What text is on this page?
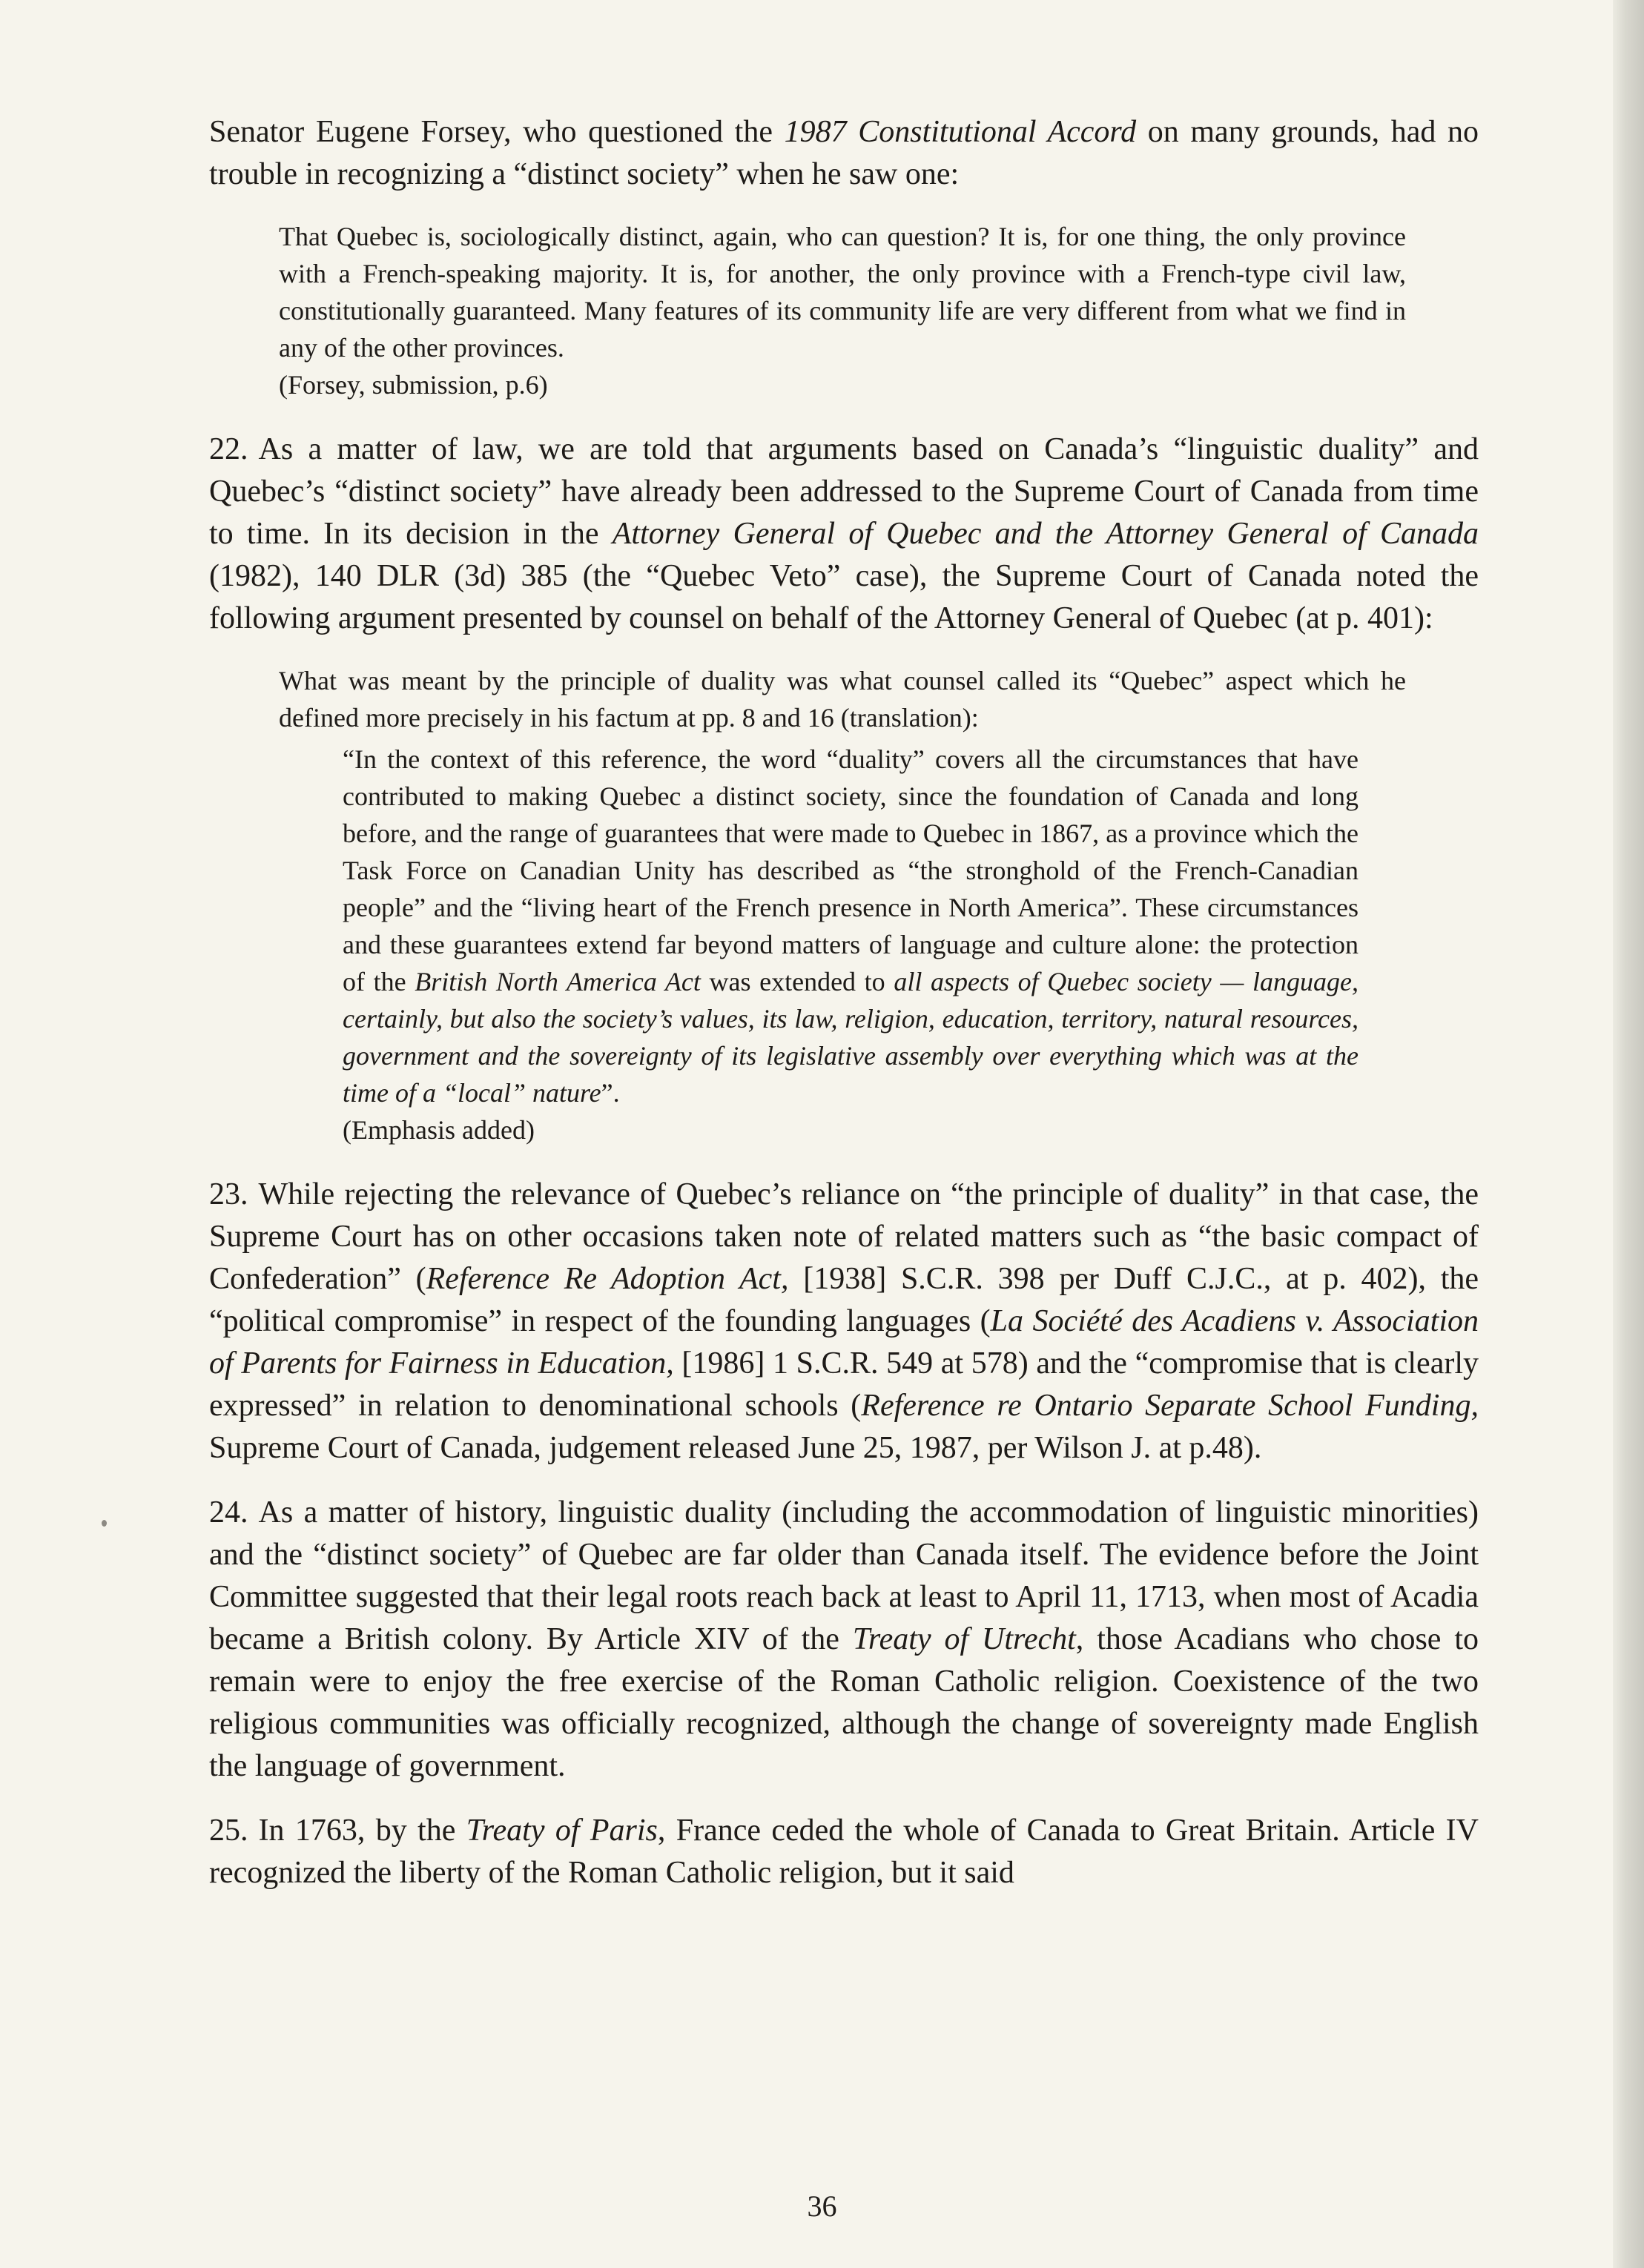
Senator Eugene Forsey, who questioned the 1987 Constitutional Accord on many grounds, had no trouble in recognizing a “distinct society” when he saw one:

That Quebec is, sociologically distinct, again, who can question? It is, for one thing, the only province with a French-speaking majority. It is, for another, the only province with a French-type civil law, constitutionally guaranteed. Many features of its community life are very different from what we find in any of the other provinces.

(Forsey, submission, p.6)

22. As a matter of law, we are told that arguments based on Canada’s “linguistic duality” and Quebec’s “distinct society” have already been addressed to the Supreme Court of Canada from time to time. In its decision in the Attorney General of Quebec and the Attorney General of Canada (1982), 140 DLR (3d) 385 (the “Quebec Veto” case), the Supreme Court of Canada noted the following argument presented by counsel on behalf of the Attorney General of Quebec (at p. 401):

What was meant by the principle of duality was what counsel called its “Quebec” aspect which he defined more precisely in his factum at pp. 8 and 16 (translation):

“In the context of this reference, the word “duality” covers all the circumstances that have contributed to making Quebec a distinct society, since the foundation of Canada and long before, and the range of guarantees that were made to Quebec in 1867, as a province which the Task Force on Canadian Unity has described as “the stronghold of the French-Canadian people” and the “living heart of the French presence in North America”. These circumstances and these guarantees extend far beyond matters of language and culture alone: the protection of the British North America Act was extended to all aspects of Quebec society — language, certainly, but also the society’s values, its law, religion, education, territory, natural resources, government and the sovereignty of its legislative assembly over everything which was at the time of a “local” nature”.

(Emphasis added)

23. While rejecting the relevance of Quebec’s reliance on “the principle of duality” in that case, the Supreme Court has on other occasions taken note of related matters such as “the basic compact of Confederation” (Reference Re Adoption Act, [1938] S.C.R. 398 per Duff C.J.C., at p. 402), the “political compromise” in respect of the founding languages (La Société des Acadiens v. Association of Parents for Fairness in Education, [1986] 1 S.C.R. 549 at 578) and the “compromise that is clearly expressed” in relation to denominational schools (Reference re Ontario Separate School Funding, Supreme Court of Canada, judgement released June 25, 1987, per Wilson J. at p.48).

24. As a matter of history, linguistic duality (including the accommodation of linguistic minorities) and the “distinct society” of Quebec are far older than Canada itself. The evidence before the Joint Committee suggested that their legal roots reach back at least to April 11, 1713, when most of Acadia became a British colony. By Article XIV of the Treaty of Utrecht, those Acadians who chose to remain were to enjoy the free exercise of the Roman Catholic religion. Coexistence of the two religious communities was officially recognized, although the change of sovereignty made English the language of government.

25. In 1763, by the Treaty of Paris, France ceded the whole of Canada to Great Britain. Article IV recognized the liberty of the Roman Catholic religion, but it said

36
